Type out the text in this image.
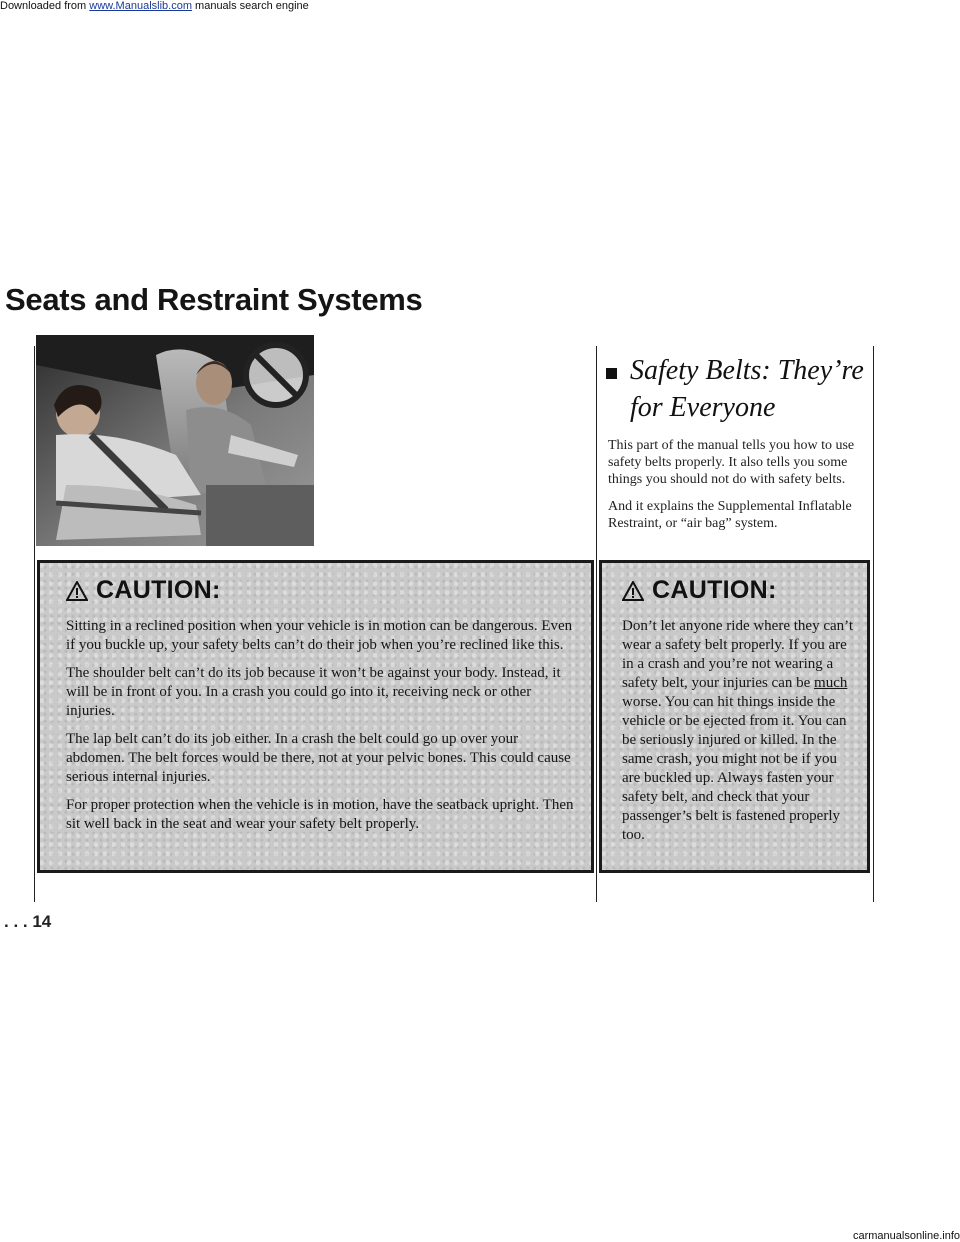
Downloaded from www.Manualslib.com manuals search engine
Seats and Restraint Systems
CAUTION:

Sitting in a reclined position when your vehicle is in motion can be dangerous. Even if you buckle up, your safety belts can’t do their job when you’re reclined like this.

The shoulder belt can’t do its job because it won’t be against your body. Instead, it will be in front of you. In a crash you could go into it, receiving neck or other injuries.

The lap belt can’t do its job either. In a crash the belt could go up over your abdomen. The belt forces would be there, not at your pelvic bones. This could cause serious internal injuries.

For proper protection when the vehicle is in motion, have the seatback upright. Then sit well back in the seat and wear your safety belt properly.

Safety Belts: They’re for Everyone

This part of the manual tells you how to use safety belts properly. It also tells you some things you should not do with safety belts.

And it explains the Supplemental Inflatable Restraint, or “air bag” system.

CAUTION:

Don’t let anyone ride where they can’t wear a safety belt properly. If you are in a crash and you’re not wearing a safety belt, your injuries can be much worse. You can hit things inside the vehicle or be ejected from it. You can be seriously injured or killed. In the same crash, you might not be if you are buckled up. Always fasten your safety belt, and check that your passenger’s belt is fastened properly too.

. . . 14
carmanualsonline.info
